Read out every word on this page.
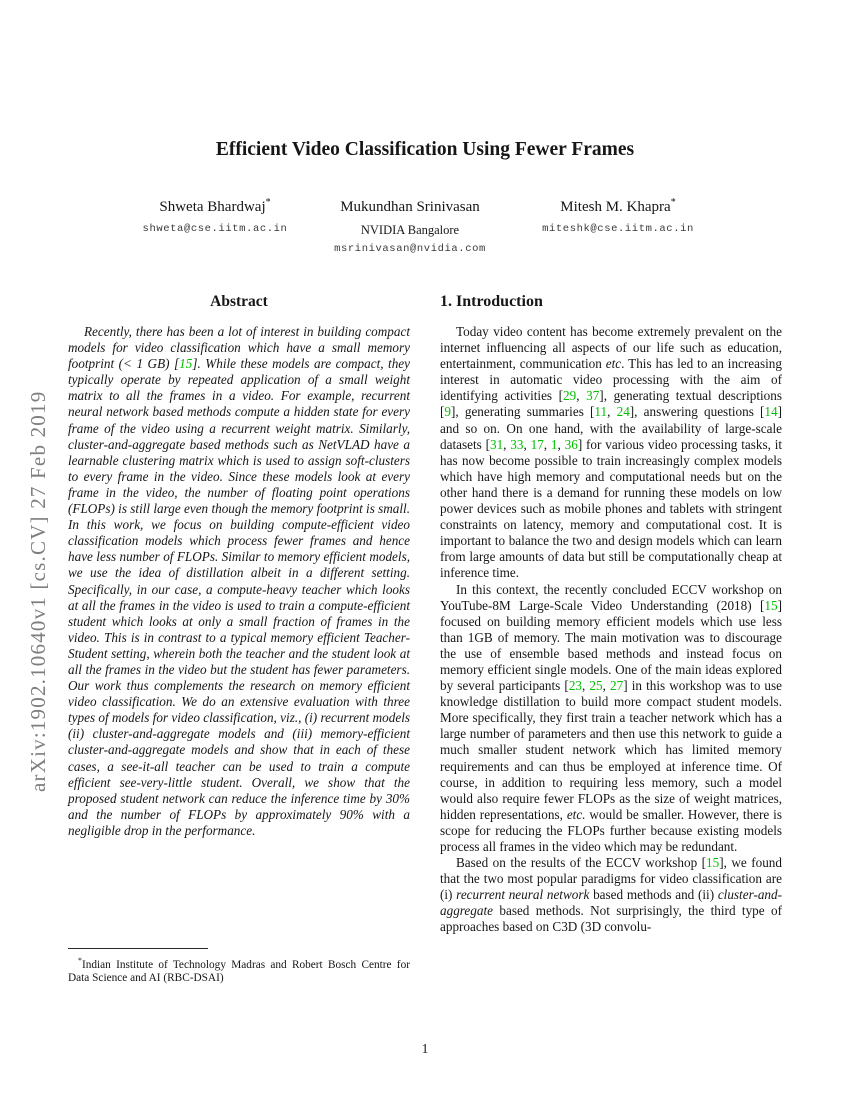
arXiv:1902.10640v1 [cs.CV] 27 Feb 2019
Efficient Video Classification Using Fewer Frames
Shweta Bhardwaj*
shweta@cse.iitm.ac.in
Mukundhan Srinivasan
NVIDIA Bangalore
msrinivasan@nvidia.com
Mitesh M. Khapra*
miteshk@cse.iitm.ac.in
Abstract

Recently, there has been a lot of interest in building compact models for video classification which have a small memory footprint (< 1 GB) [15]. While these models are compact, they typically operate by repeated application of a small weight matrix to all the frames in a video. For example, recurrent neural network based methods compute a hidden state for every frame of the video using a recurrent weight matrix. Similarly, cluster-and-aggregate based methods such as NetVLAD have a learnable clustering matrix which is used to assign soft-clusters to every frame in the video. Since these models look at every frame in the video, the number of floating point operations (FLOPs) is still large even though the memory footprint is small. In this work, we focus on building compute-efficient video classification models which process fewer frames and hence have less number of FLOPs. Similar to memory efficient models, we use the idea of distillation albeit in a different setting. Specifically, in our case, a compute-heavy teacher which looks at all the frames in the video is used to train a compute-efficient student which looks at only a small fraction of frames in the video. This is in contrast to a typical memory efficient Teacher-Student setting, wherein both the teacher and the student look at all the frames in the video but the student has fewer parameters. Our work thus complements the research on memory efficient video classification. We do an extensive evaluation with three types of models for video classification, viz., (i) recurrent models (ii) cluster-and-aggregate models and (iii) memory-efficient cluster-and-aggregate models and show that in each of these cases, a see-it-all teacher can be used to train a compute efficient see-very-little student. Overall, we show that the proposed student network can reduce the inference time by 30% and the number of FLOPs by approximately 90% with a negligible drop in the performance.

1. Introduction

Today video content has become extremely prevalent on the internet influencing all aspects of our life such as education, entertainment, communication etc. This has led to an increasing interest in automatic video processing with the aim of identifying activities [29, 37], generating textual descriptions [9], generating summaries [11, 24], answering questions [14] and so on. On one hand, with the availability of large-scale datasets [31, 33, 17, 1, 36] for various video processing tasks, it has now become possible to train increasingly complex models which have high memory and computational needs but on the other hand there is a demand for running these models on low power devices such as mobile phones and tablets with stringent constraints on latency, memory and computational cost. It is important to balance the two and design models which can learn from large amounts of data but still be computationally cheap at inference time.

In this context, the recently concluded ECCV workshop on YouTube-8M Large-Scale Video Understanding (2018) [15] focused on building memory efficient models which use less than 1GB of memory. The main motivation was to discourage the use of ensemble based methods and instead focus on memory efficient single models. One of the main ideas explored by several participants [23, 25, 27] in this workshop was to use knowledge distillation to build more compact student models. More specifically, they first train a teacher network which has a large number of parameters and then use this network to guide a much smaller student network which has limited memory requirements and can thus be employed at inference time. Of course, in addition to requiring less memory, such a model would also require fewer FLOPs as the size of weight matrices, hidden representations, etc. would be smaller. However, there is scope for reducing the FLOPs further because existing models process all frames in the video which may be redundant.

Based on the results of the ECCV workshop [15], we found that the two most popular paradigms for video classification are (i) recurrent neural network based methods and (ii) cluster-and-aggregate based methods. Not surprisingly, the third type of approaches based on C3D (3D convolu-

*Indian Institute of Technology Madras and Robert Bosch Centre for Data Science and AI (RBC-DSAI)

1
